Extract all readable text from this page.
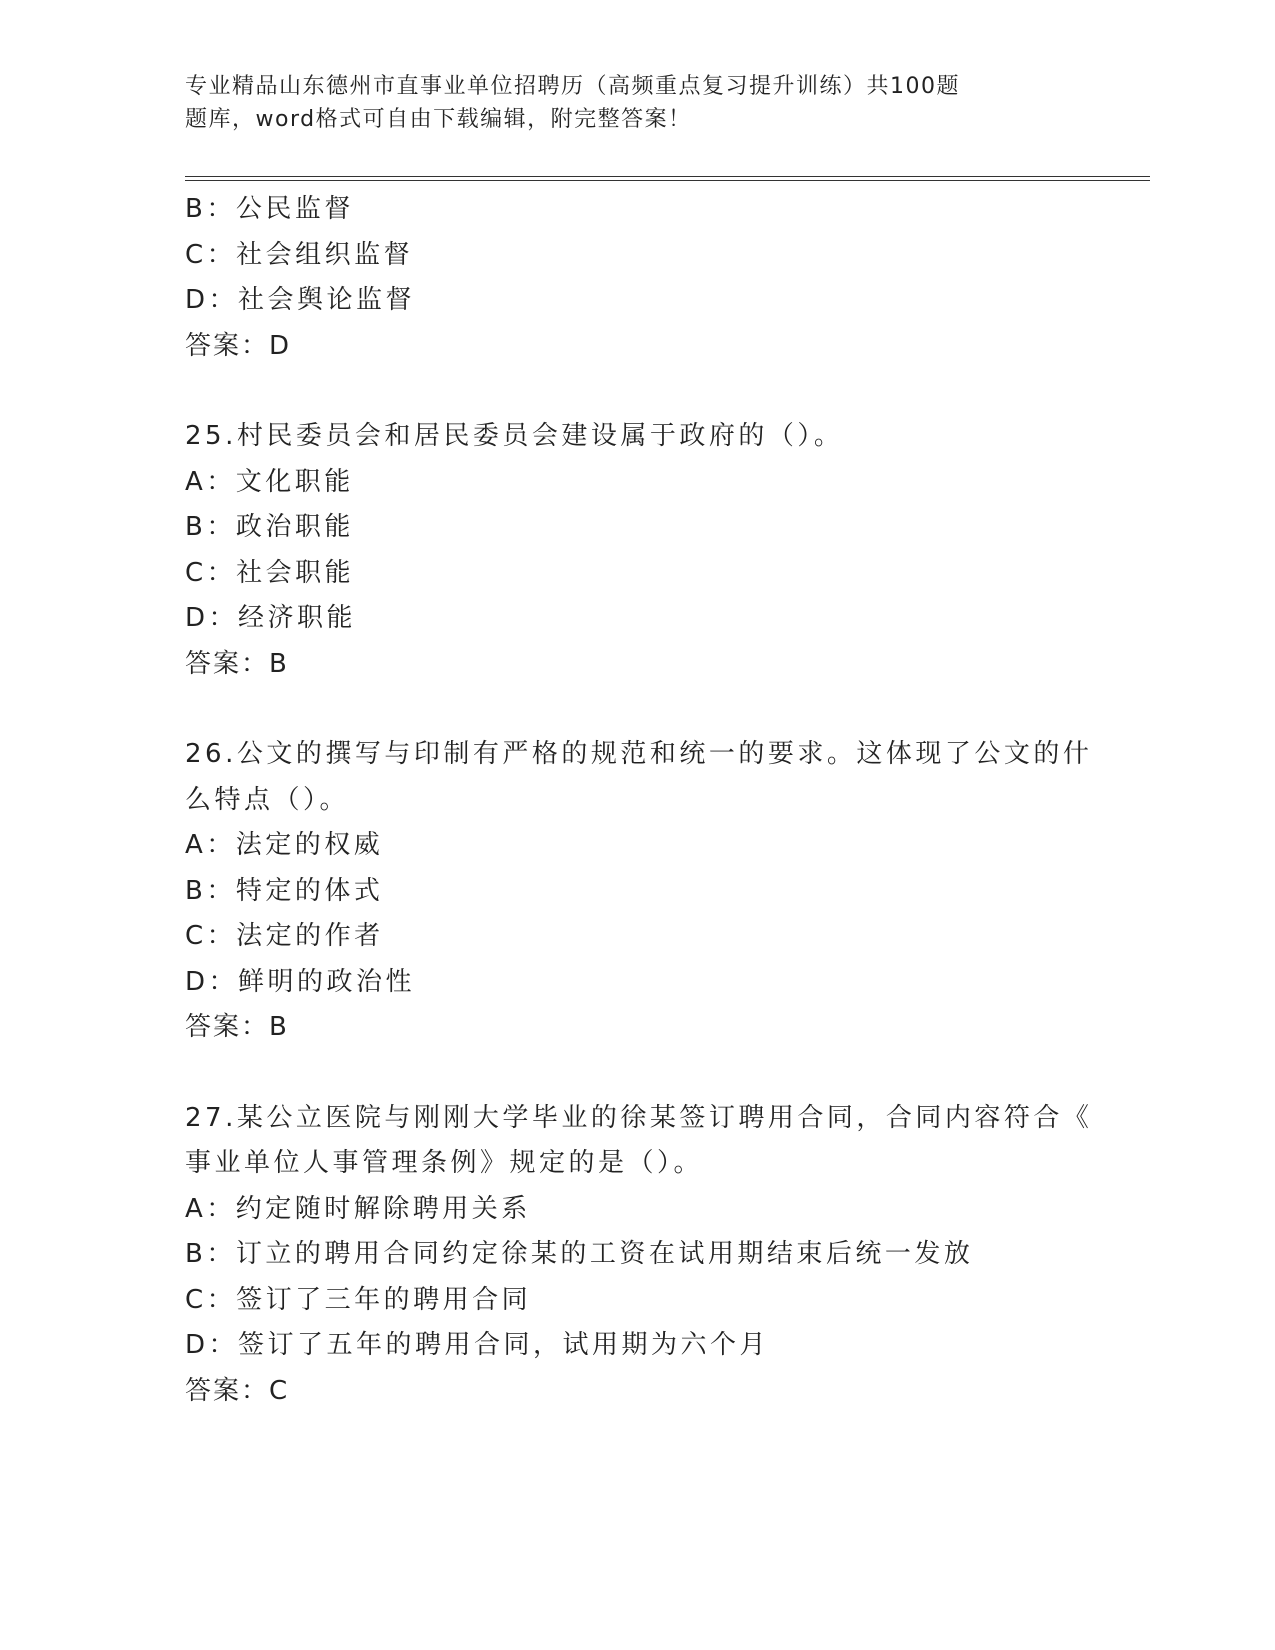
专业精品山东德州市直事业单位招聘历（高频重点复习提升训练）共100题
题库，word格式可自由下载编辑，附完整答案！
B：公民监督
C：社会组织监督
D：社会舆论监督
答案：D
25.村民委员会和居民委员会建设属于政府的（）。
A：文化职能
B：政治职能
C：社会职能
D：经济职能
答案：B
26.公文的撰写与印制有严格的规范和统一的要求。这体现了公文的什
么特点（）。
A：法定的权威
B：特定的体式
C：法定的作者
D：鲜明的政治性
答案：B
27.某公立医院与刚刚大学毕业的徐某签订聘用合同，合同内容符合《
事业单位人事管理条例》规定的是（）。
A：约定随时解除聘用关系
B：订立的聘用合同约定徐某的工资在试用期结束后统一发放
C：签订了三年的聘用合同
D：签订了五年的聘用合同，试用期为六个月
答案：C
